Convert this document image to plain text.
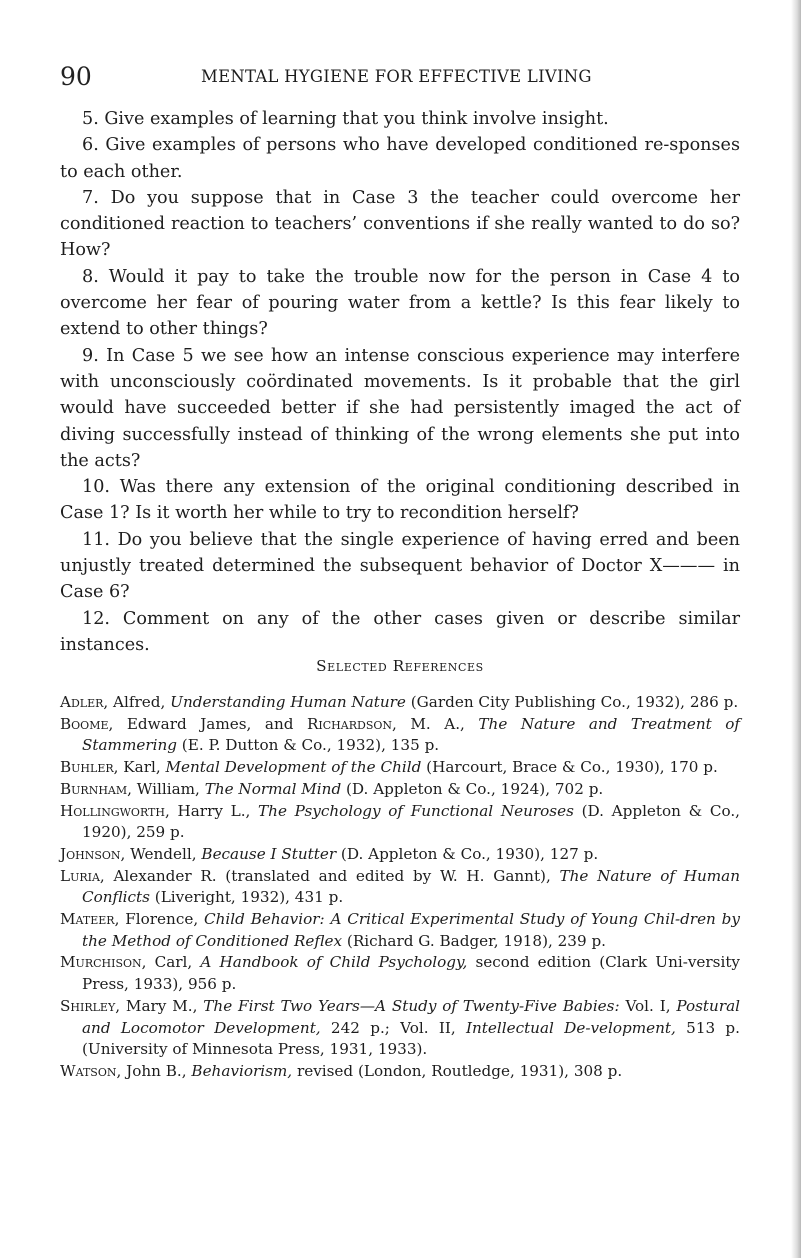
90	MENTAL HYGIENE FOR EFFECTIVE LIVING

5. Give examples of learning that you think involve insight.

6. Give examples of persons who have developed conditioned re-sponses to each other.

7. Do you suppose that in Case 3 the teacher could overcome her conditioned reaction to teachers’ conventions if she really wanted to do so? How?

8. Would it pay to take the trouble now for the person in Case 4 to overcome her fear of pouring water from a kettle? Is this fear likely to extend to other things?

9. In Case 5 we see how an intense conscious experience may interfere with unconsciously coördinated movements. Is it probable that the girl would have succeeded better if she had persistently imaged the act of diving successfully instead of thinking of the wrong elements she put into the acts?

10. Was there any extension of the original conditioning described in Case 1? Is it worth her while to try to recondition herself?

11. Do you believe that the single experience of having erred and been unjustly treated determined the subsequent behavior of Doctor X——— in Case 6?

12. Comment on any of the other cases given or describe similar instances.

Selected References

Adler, Alfred, Understanding Human Nature (Garden City Publishing Co., 1932), 286 p.

Boome, Edward James, and Richardson, M. A., The Nature and Treatment of Stammering (E. P. Dutton & Co., 1932), 135 p.

Buhler, Karl, Mental Development of the Child (Harcourt, Brace & Co., 1930), 170 p.

Burnham, William, The Normal Mind (D. Appleton & Co., 1924), 702 p.

Hollingworth, Harry L., The Psychology of Functional Neuroses (D. Appleton & Co., 1920), 259 p.

Johnson, Wendell, Because I Stutter (D. Appleton & Co., 1930), 127 p.

Luria, Alexander R. (translated and edited by W. H. Gannt), The Nature of Human Conflicts (Liveright, 1932), 431 p.

Mateer, Florence, Child Behavior: A Critical Experimental Study of Young Chil-dren by the Method of Conditioned Reflex (Richard G. Badger, 1918), 239 p.

Murchison, Carl, A Handbook of Child Psychology, second edition (Clark Uni-versity Press, 1933), 956 p.

Shirley, Mary M., The First Two Years—A Study of Twenty-Five Babies: Vol. I, Postural and Locomotor Development, 242 p.; Vol. II, Intellectual De-velopment, 513 p. (University of Minnesota Press, 1931, 1933).

Watson, John B., Behaviorism, revised (London, Routledge, 1931), 308 p.
